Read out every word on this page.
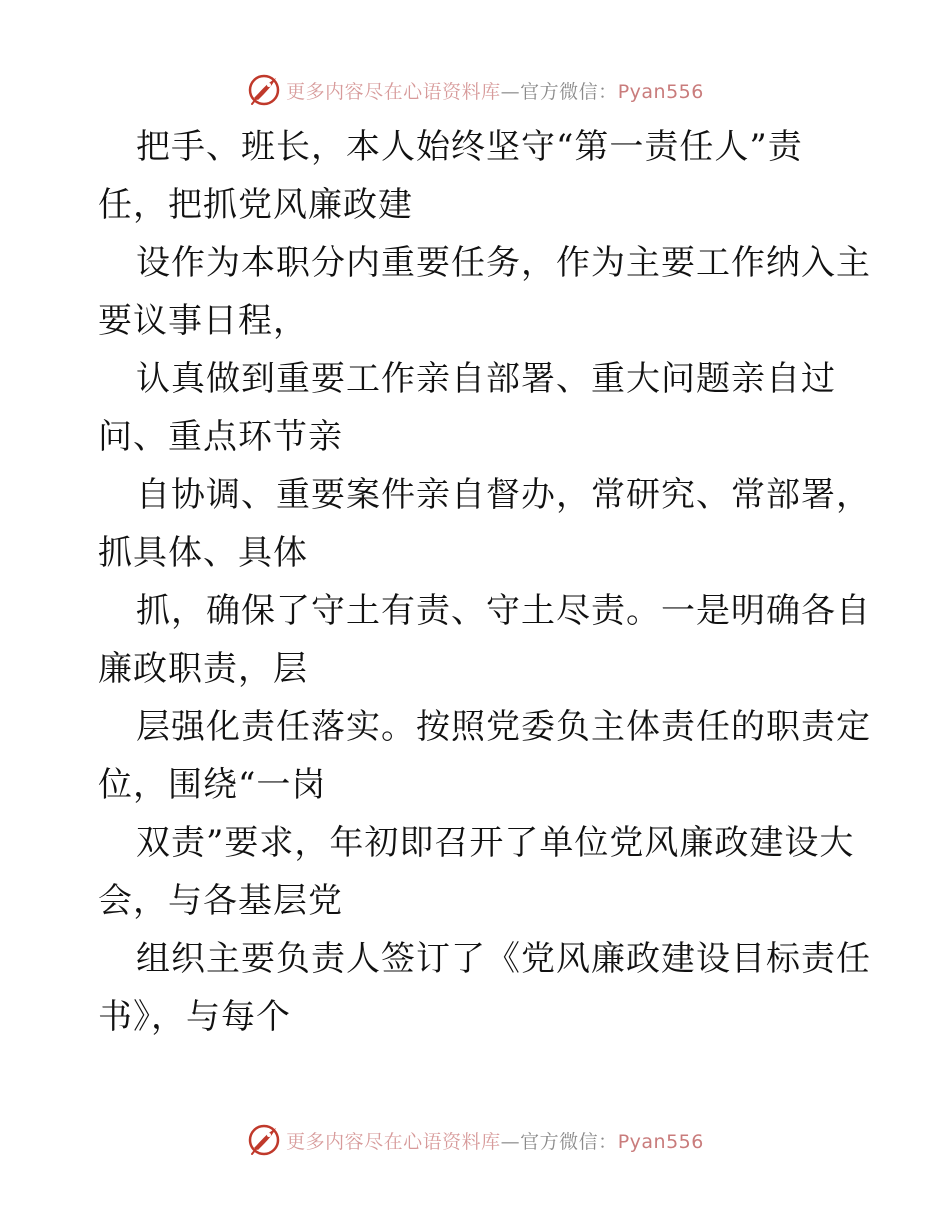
更多内容尽在心语资料库—官方微信：Pyan556

把手、班长，本人始终坚守“第一责任人”责
任，把抓党风廉政建

设作为本职分内重要任务，作为主要工作纳入主
要议事日程，

认真做到重要工作亲自部署、重大问题亲自过
问、重点环节亲

自协调、重要案件亲自督办，常研究、常部署，
抓具体、具体

抓，确保了守土有责、守土尽责。一是明确各自
廉政职责，层

层强化责任落实。按照党委负主体责任的职责定
位，围绕“一岗

双责”要求，年初即召开了单位党风廉政建设大
会，与各基层党

组织主要负责人签订了《党风廉政建设目标责任
书》，与每个

更多内容尽在心语资料库—官方微信：Pyan556
